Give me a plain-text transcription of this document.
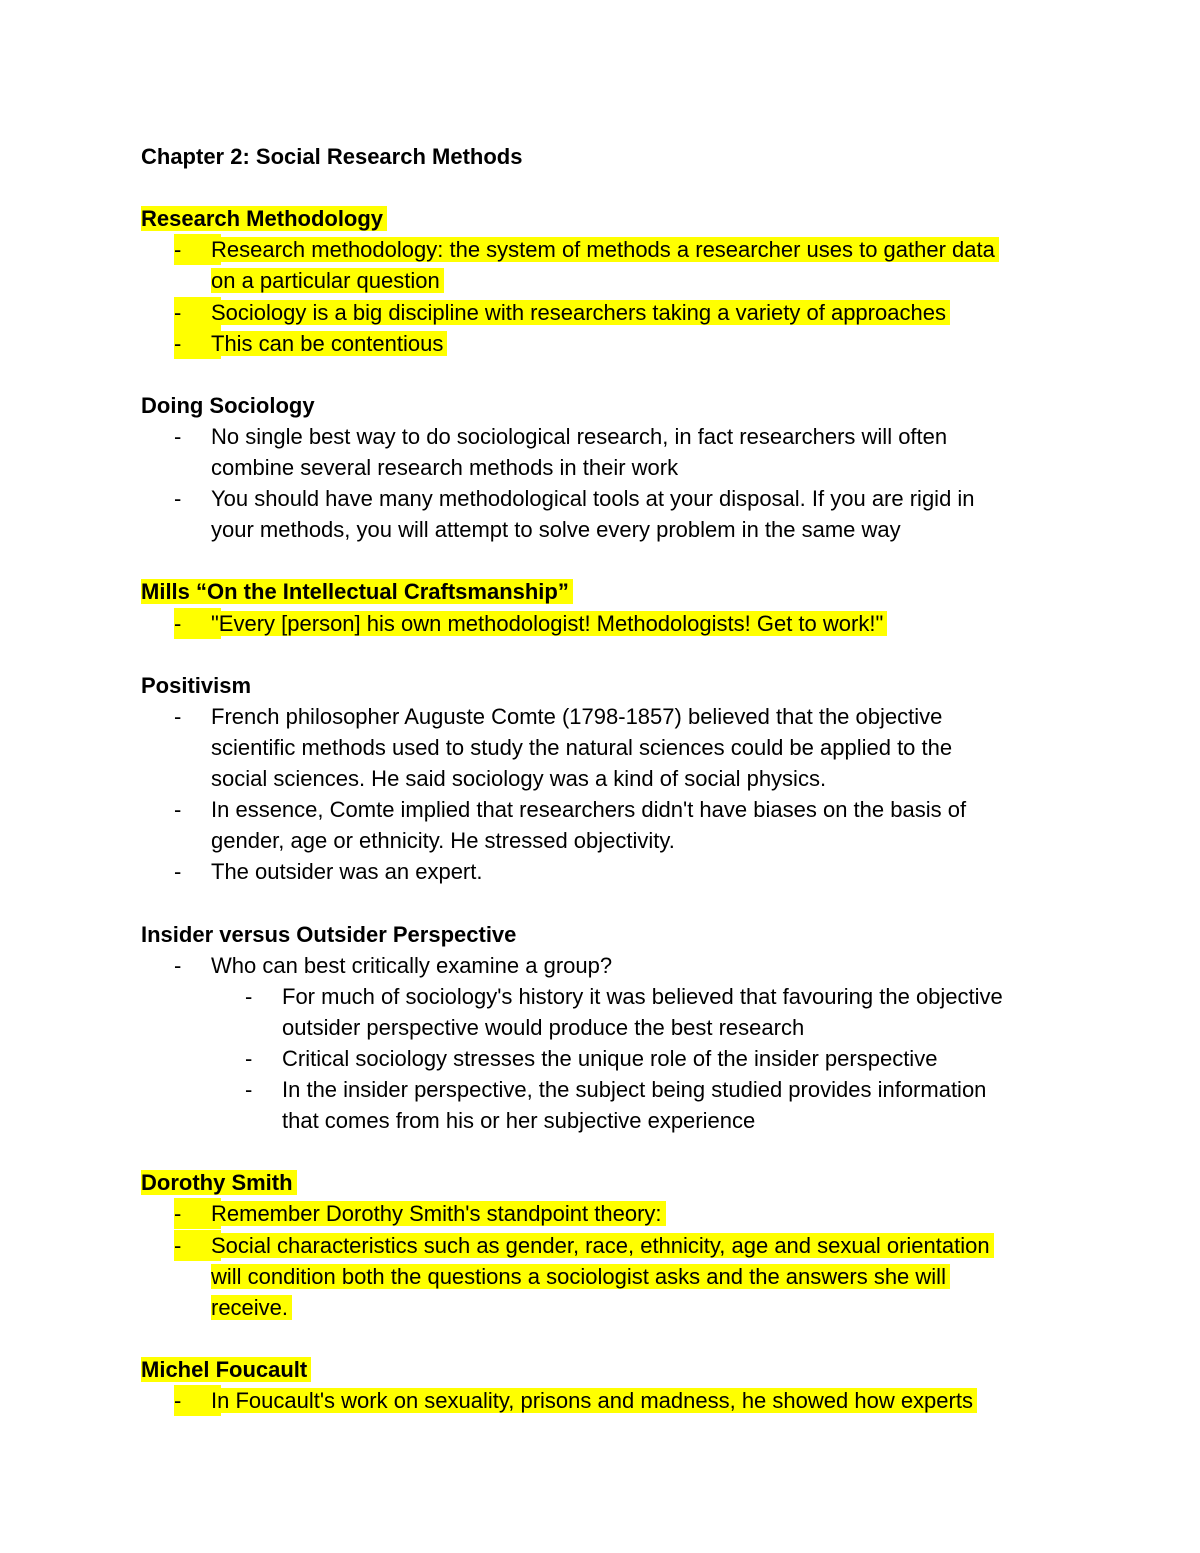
Chapter 2: Social Research Methods
Research Methodology
-	Research methodology: the system of methods a researcher uses to gather data
on a particular question
-	Sociology is a big discipline with researchers taking a variety of approaches
-	This can be contentious
Doing Sociology
- No single best way to do sociological research, in fact researchers will often
combine several research methods in their work
- You should have many methodological tools at your disposal. If you are rigid in
your methods, you will attempt to solve every problem in the same way
Mills “On the Intellectual Craftsmanship”
-	"Every [person] his own methodologist! Methodologists! Get to work!"
Positivism
- French philosopher Auguste Comte (1798-1857) believed that the objective
scientific methods used to study the natural sciences could be applied to the
social sciences. He said sociology was a kind of social physics.
- In essence, Comte implied that researchers didn't have biases on the basis of
gender, age or ethnicity. He stressed objectivity.
- The outsider was an expert.
Insider versus Outsider Perspective
- Who can best critically examine a group?
- For much of sociology's history it was believed that favouring the objective
outsider perspective would produce the best research
- Critical sociology stresses the unique role of the insider perspective
- In the insider perspective, the subject being studied provides information
that comes from his or her subjective experience
Dorothy Smith
-	Remember Dorothy Smith's standpoint theory:
-	Social characteristics such as gender, race, ethnicity, age and sexual orientation
will condition both the questions a sociologist asks and the answers she will
receive.
Michel Foucault
-	In Foucault's work on sexuality, prisons and madness, he showed how experts
